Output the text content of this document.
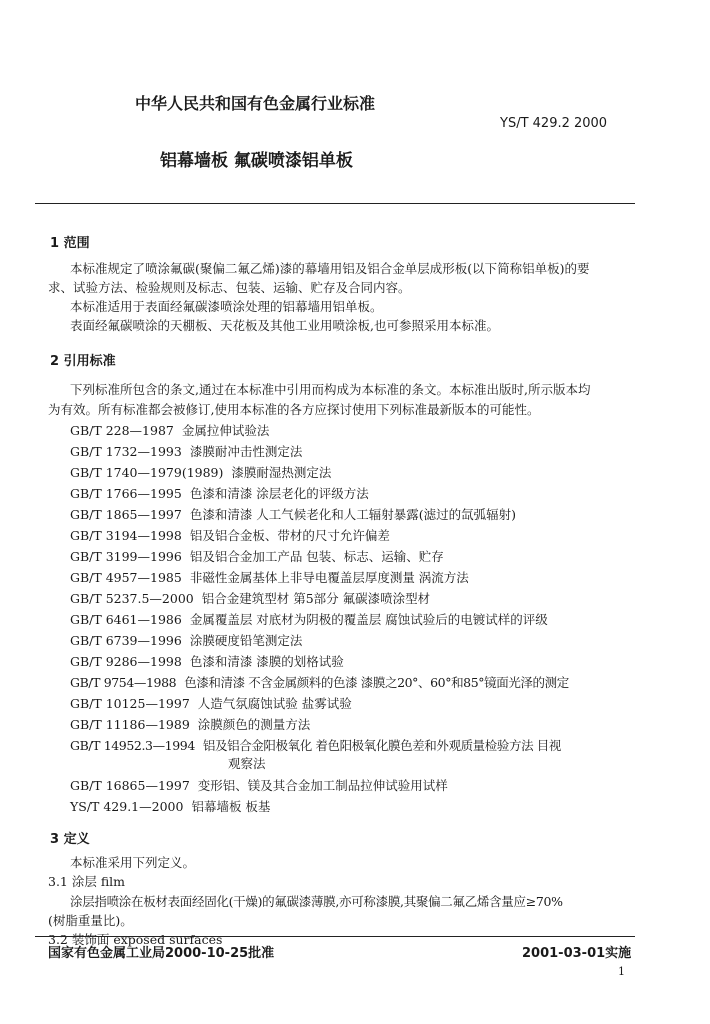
中华人民共和国有色金属行业标准
YS/T 429.2 2000
铝幕墙板 氟碳喷漆铝单板
1 范围
本标准规定了喷涂氟碳(聚偏二氟乙烯)漆的幕墙用铝及铝合金单层成形板(以下简称铝单板)的要
求、试验方法、检验规则及标志、包装、运输、贮存及合同内容。
本标准适用于表面经氟碳漆喷涂处理的铝幕墙用铝单板。
表面经氟碳喷涂的天棚板、天花板及其他工业用喷涂板,也可参照采用本标准。
2 引用标准
下列标准所包含的条文,通过在本标准中引用而构成为本标准的条文。本标准出版时,所示版本均
为有效。所有标准都会被修订,使用本标准的各方应探讨使用下列标准最新版本的可能性。
GB/T 228—1987 金属拉伸试验法
GB/T 1732—1993 漆膜耐冲击性测定法
GB/T 1740—1979(1989) 漆膜耐湿热测定法
GB/T 1766—1995 色漆和清漆 涂层老化的评级方法
GB/T 1865—1997 色漆和清漆 人工气候老化和人工辐射暴露(滤过的氙弧辐射)
GB/T 3194—1998 铝及铝合金板、带材的尺寸允许偏差
GB/T 3199—1996 铝及铝合金加工产品 包装、标志、运输、贮存
GB/T 4957—1985 非磁性金属基体上非导电覆盖层厚度测量 涡流方法
GB/T 5237.5—2000 铝合金建筑型材 第5部分 氟碳漆喷涂型材
GB/T 6461—1986 金属覆盖层 对底材为阴极的覆盖层 腐蚀试验后的电镀试样的评级
GB/T 6739—1996 涂膜硬度铅笔测定法
GB/T 9286—1998 色漆和清漆 漆膜的划格试验
GB/T 9754—1988 色漆和清漆 不含金属颜料的色漆 漆膜之20°、60°和85°镜面光泽的测定
GB/T 10125—1997 人造气氛腐蚀试验 盐雾试验
GB/T 11186—1989 涂膜颜色的测量方法
GB/T 14952.3—1994 铝及铝合金阳极氧化 着色阳极氧化膜色差和外观质量检验方法 目视
观察法
GB/T 16865—1997 变形铝、镁及其合金加工制品拉伸试验用试样
YS/T 429.1—2000 铝幕墙板 板基
3 定义
本标准采用下列定义。
3.1 涂层 film
涂层指喷涂在板材表面经固化(干燥)的氟碳漆薄膜,亦可称漆膜,其聚偏二氟乙烯含量应≥70%
(树脂重量比)。
3.2 装饰面 exposed surfaces
国家有色金属工业局2000-10-25批准	2001-03-01实施
1
